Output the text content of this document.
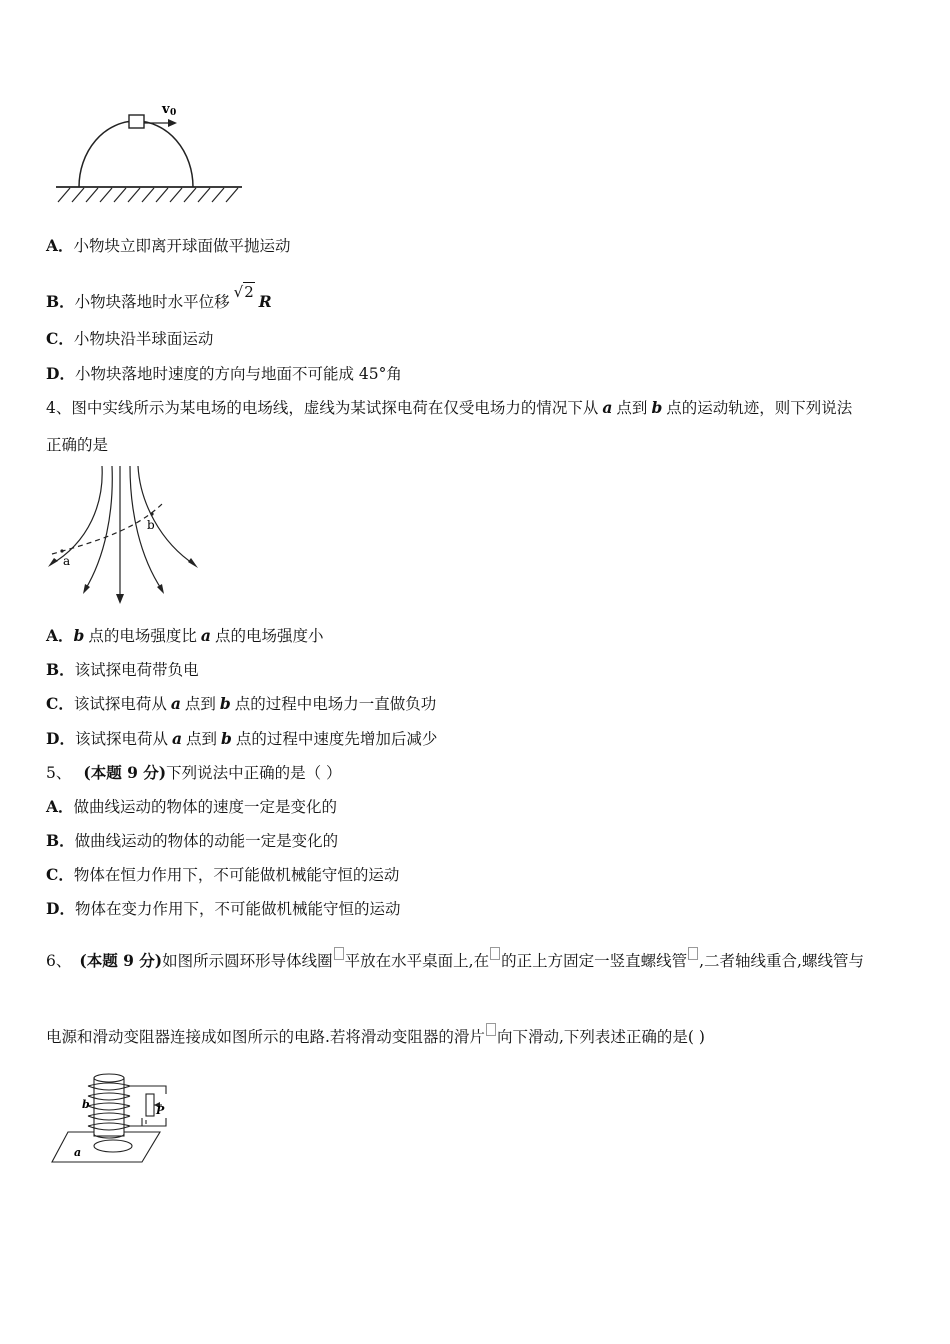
v 0
A．小物块立即离开球面做平抛运动
B．小物块落地时水平位移√2 R
C．小物块沿半球面运动
D．小物块落地时速度的方向与地面不可能成 45°角
4、图中实线所示为某电场的电场线，虚线为某试探电荷在仅受电场力的情况下从 a 点到 b 点的运动轨迹，则下列说法
正确的是
a
b
A．b 点的电场强度比 a 点的电场强度小
B．该试探电荷带负电
C．该试探电荷从 a 点到 b 点的过程中电场力一直做负功
D．该试探电荷从 a 点到 b 点的过程中速度先增加后减少
5、 (本题 9 分)下列说法中正确的是（ ）
A．做曲线运动的物体的速度一定是变化的
B．做曲线运动的物体的动能一定是变化的
C．物体在恒力作用下，不可能做机械能守恒的运动
D．物体在变力作用下，不可能做机械能守恒的运动
6、 (本题 9 分)如图所示圆环形导体线圈 平放在水平桌面上,在 的正上方固定一竖直螺线管 ,二者轴线重合,螺线管与
电源和滑动变阻器连接成如图所示的电路.若将滑动变阻器的滑片 向下滑动,下列表述正确的是( )
b	P
a
